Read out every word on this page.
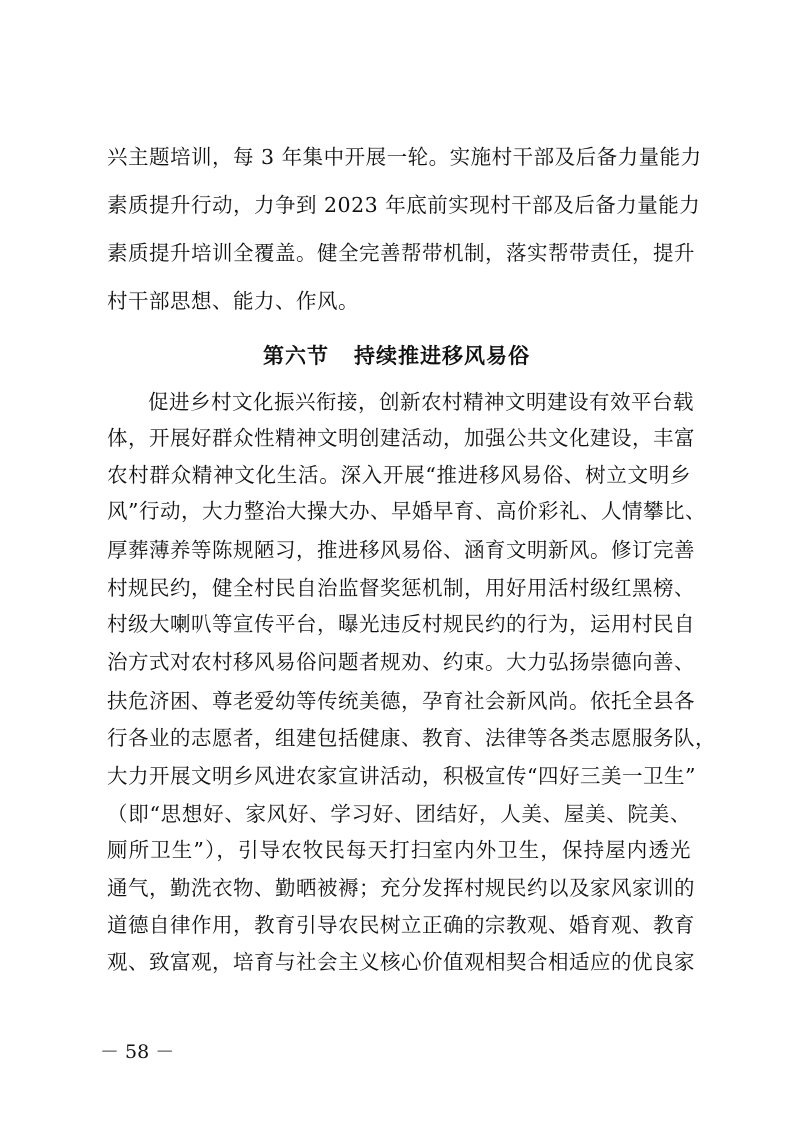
兴主题培训，每 3 年集中开展一轮。实施村干部及后备力量能力
素质提升行动，力争到 2023 年底前实现村干部及后备力量能力
素质提升培训全覆盖。健全完善帮带机制，落实帮带责任，提升
村干部思想、能力、作风。
第六节   持续推进移风易俗
促进乡村文化振兴衔接，创新农村精神文明建设有效平台载
体，开展好群众性精神文明创建活动，加强公共文化建设，丰富
农村群众精神文化生活。深入开展“推进移风易俗、树立文明乡
风”行动，大力整治大操大办、早婚早育、高价彩礼、人情攀比、
厚葬薄养等陈规陋习，推进移风易俗、涵育文明新风。修订完善
村规民约，健全村民自治监督奖惩机制，用好用活村级红黑榜、
村级大喇叭等宣传平台，曝光违反村规民约的行为，运用村民自
治方式对农村移风易俗问题者规劝、约束。大力弘扬崇德向善、
扶危济困、尊老爱幼等传统美德，孕育社会新风尚。依托全县各
行各业的志愿者，组建包括健康、教育、法律等各类志愿服务队，
大力开展文明乡风进农家宣讲活动，积极宣传“四好三美一卫生”
（即“思想好、家风好、学习好、团结好，人美、屋美、院美、
厕所卫生”），引导农牧民每天打扫室内外卫生，保持屋内透光
通气，勤洗衣物、勤晒被褥；充分发挥村规民约以及家风家训的
道德自律作用，教育引导农民树立正确的宗教观、婚育观、教育
观、致富观，培育与社会主义核心价值观相契合相适应的优良家
－ 58 －
